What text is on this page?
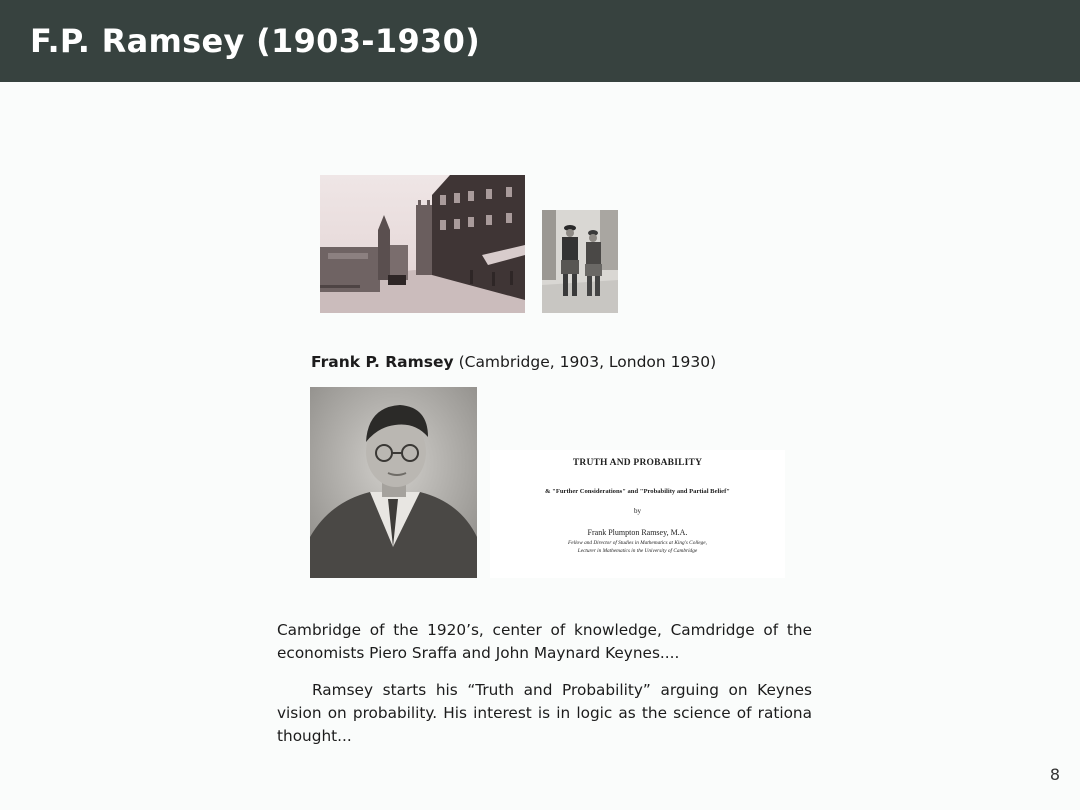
F.P. Ramsey (1903-1930)

Frank P. Ramsey (Cambridge, 1903, London 1930)

TRUTH AND PROBABILITY
& "Further Considerations" and "Probability and Partial Belief"
by
Frank Plumpton Ramsey, M.A.
Fellow and Director of Studies in Mathematics at King's College,
Lecturer in Mathematics in the University of Cambridge

Cambridge of the 1920’s, center of knowledge, Camdridge of the economists Piero Sraffa and John Maynard Keynes....

Ramsey starts his “Truth and Probability” arguing on Keynes vision on probability. His interest is in logic as the science of rationa thought...

8
